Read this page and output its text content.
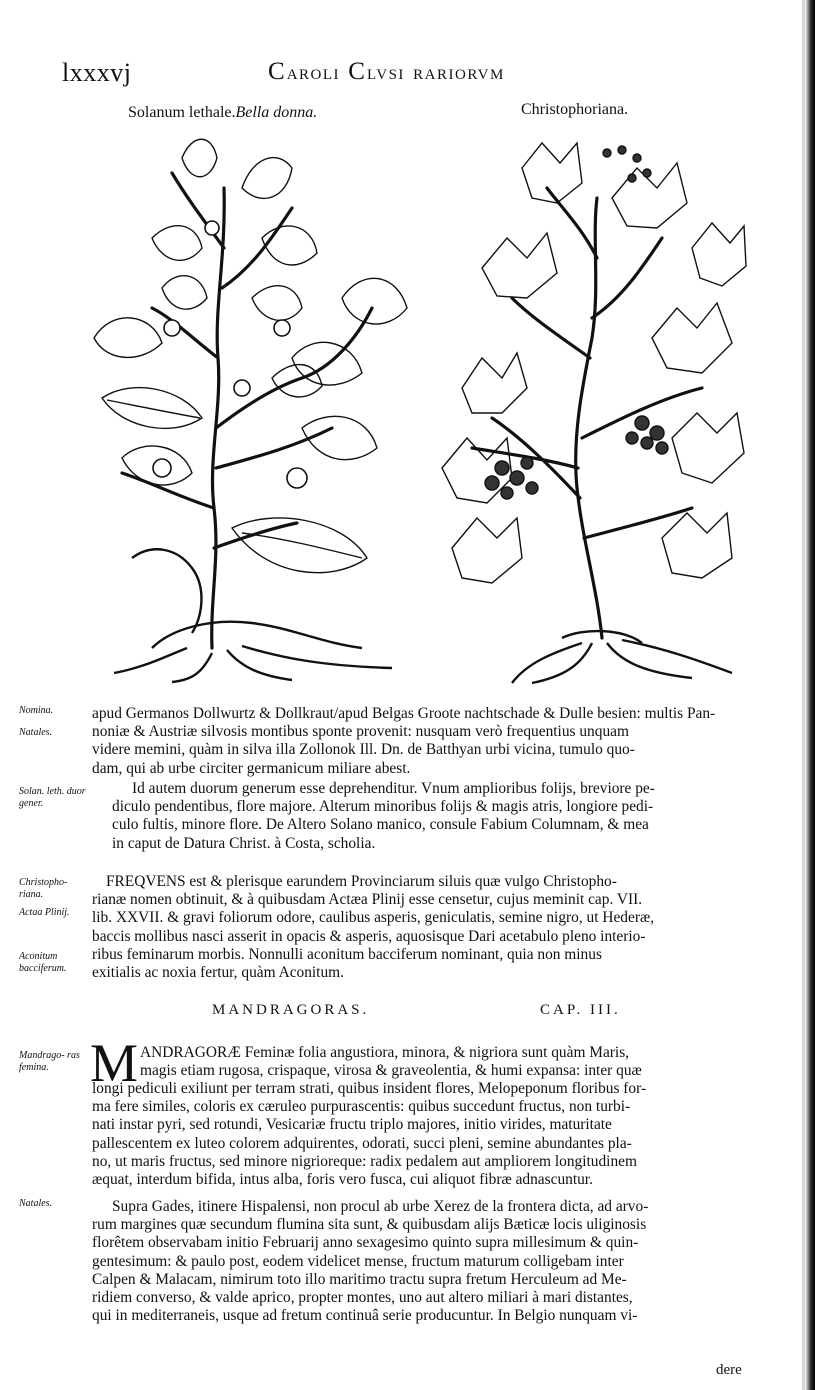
lxxxvj	CAROLI CLVSI RARIORVM
Solanum lethale.Bella donna.	Christophoriana.
Nomina.
Natales.
Solan. leth. duor gener.
Christopho- riana.
Actaa Plinij.
Aconitum bacciferum.
Mandrago- ras femina.
Natales.
apud Germanos Dollwurtz & Dollkraut/apud Belgas Groote nachtschade & Dulle besien: multis Pan-
noniæ & Austriæ silvosis montibus sponte provenit: nusquam verò frequentius unquam
videre memini, quàm in silva illa Zollonok Ill. Dn. de Batthyan urbi vicina, tumulo quo-
dam, qui ab urbe circiter germanicum miliare abest.
Id autem duorum generum esse deprehenditur. Vnum amplioribus folijs, breviore pe-
diculo pendentibus, flore majore. Alterum minoribus folijs & magis atris, longiore pedi-
culo fultis, minore flore. De Altero Solano manico, consule Fabium Columnam, & mea
in caput de Datura Christ. à Costa, scholia.
FREQVENS est & plerisque earundem Provinciarum siluis quæ vulgo Christopho-
rianæ nomen obtinuit, & à quibusdam Actæa Plinij esse censetur, cujus meminit cap. VII.
lib. XXVII. & gravi foliorum odore, caulibus asperis, geniculatis, semine nigro, ut Hederæ,
baccis mollibus nasci asserit in opacis & asperis, aquosisque Dari acetabulo pleno interio-
ribus feminarum morbis. Nonnulli aconitum bacciferum nominant, quia non minus
exitialis ac noxia fertur, quàm Aconitum.
MANDRAGORAS.	CAP. III.
M ANDRAGORÆ Feminæ folia angustiora, minora, & nigriora sunt quàm Maris,
magis etiam rugosa, crispaque, virosa & graveolentia, & humi expansa: inter quæ
longi pediculi exiliunt per terram strati, quibus insident flores, Melopeponum floribus for-
ma fere similes, coloris ex cæruleo purpurascentis: quibus succedunt fructus, non turbi-
nati instar pyri, sed rotundi, Vesicariæ fructu triplo majores, initio virides, maturitate
pallescentem ex luteo colorem adquirentes, odorati, succi pleni, semine abundantes pla-
no, ut maris fructus, sed minore nigrioreque: radix pedalem aut ampliorem longitudinem
æquat, interdum bifida, intus alba, foris vero fusca, cui aliquot fibræ adnascuntur.
Supra Gades, itinere Hispalensi, non procul ab urbe Xerez de la frontera dicta, ad arvo-
rum margines quæ secundum flumina sita sunt, & quibusdam alijs Bæticæ locis uliginosis
florêtem observabam initio Februarij anno sexagesimo quinto supra millesimum & quin-
gentesimum: & paulo post, eodem videlicet mense, fructum maturum colligebam inter
Calpen & Malacam, nimirum toto illo maritimo tractu supra fretum Herculeum ad Me-
ridiem converso, & valde aprico, propter montes, uno aut altero miliari à mari distantes,
qui in mediterraneis, usque ad fretum continuâ serie producuntur. In Belgio nunquam vi-
dere
